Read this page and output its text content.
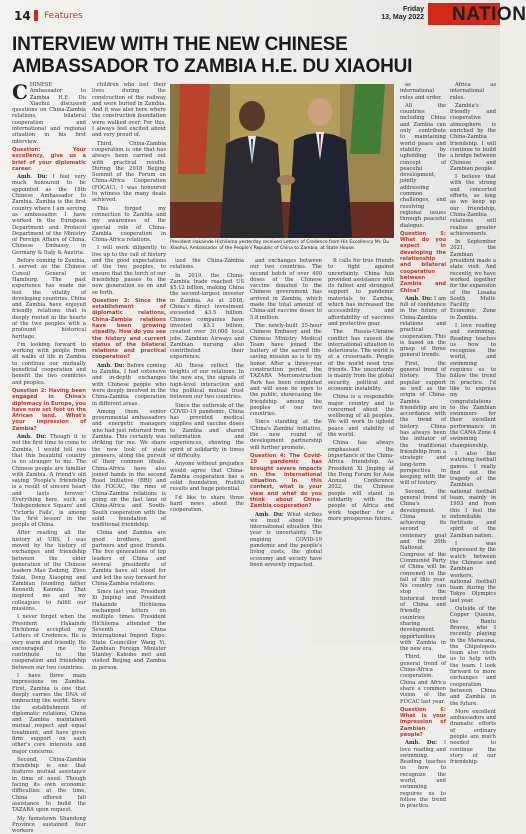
14	Features
Friday
13, May 2022 NATION
INTERVIEW WITH THE NEW CHINESE
AMBASSADOR TO ZAMBIA H.E. DU XIAOHUI

CHINESE Ambassador to Zambia H.E. Du Xiaohui discussed questions on China-Zambia relations, bilateral cooperation and international and regional situation in his first interview.

Question: Your excellency, give us a brief of your diplomatic career.

Amb. Du: I feel very much honoured to be appointed as the 18th Chinese Ambassador to Zambia. Zambia is the first country where I am serving as ambassador. I have worked in the European Department and Protocol Department of the Ministry of Foreign Affairs of China. Chinese Embassy in Germany & Italy & Austria.

Before coming to Zambia, I served as the Chinese Consul General in Hamburg. The past experience has made me feel the vitality of developing countries. China and Zambia have enjoyed friendly relations that is deeply rooted in the hearts of the two peoples with a profound historical heritage.

I'm looking forward to working with people from all walks of life in Zambia to continue our mutually beneficial cooperation and benefit the two countries and peoples.

Question 2: Having been engaged in China's diplomacy in Europe, you have now set foot on the African land. What's your impression of Zambia?

Amb. Du: Though it is not the first time to come to Zambia, I would tell you that this beautiful country is no stranger to me. The Chinese people are familiar with Zambia. A friend's old saying 'People's friendship is a result of sincere heart and lasts forever.' Everything here, such as 'Independence Square' and 'Victoria Falls', is among the 'first lesson' in the people of China.

After reading all the history at UBS, I was moved by the history of exchanges and friendship between the older generation of the Chinese leaders Mao Zedong, Zhou Enlai, Deng Xiaoping and Zambian founding father Kenneth Kaunda. That inspired me and my colleagues to fulfill our missions.

I never forget when the President Hakainde Hichilema accepted my Letters of Credence. He is very warm and friendly. He encouraged me to contribute to the cooperation and friendship between our two countries.

I have three main impressions on Zambia. First, Zambia is one that deeply carries the DNA of embracing the world. Since the establishment of diplomatic relations, China and Zambia maintained mutual respect and equal treatment, and have given firm support on each other's core interests and major concerns.

Second, China-Zambia friendship is one that features mutual assistance in time of need. Though facing its own economic difficulties at the time, China offered full assistance to build the TAZARA upon request.

My hometown Shandong Province sustained four workers

children who lost their lives during the construction of the railway and were buried in Zambia. And it was also here where the construction foundation were walked over. For this, I always feel excited about and very proud of.

Third, China-Zambia cooperation is one that has always been carried out with practical results. During the 2018 Beijing Summit of the Forum on China-Africa Cooperation (FOCAC), I was honoured to witness the many deals achieved.

This forged my connection to Zambia and my awareness of the special role of China-Zambia cooperation in China-Africa relations.

I will work diligently to live up to the call of history and the good expectations of the two peoples, to ensure that the torch of our friendship passes to the new generation so on and so forth.

Question 3: Since the establishment of diplomatic relations, China-Zambia relations have been growing steadily. How do you see the history and current status of the bilateral relations and practical cooperation?

Amb. Du: Before coming to Zambia, I had extensive and in-depth exchanges with Chinese people who were deeply involved in the China-Zambia cooperation in different areas.

Among them, senior governmental ambassadors and energetic managers who had just returned from Zambia. This certainly was striking for me. We share the new look of state pioneers, along the pursuit of their common ideals. China-Africa have also joined hands in the second Road Initiative (BRI) and the FOCAC, the rims of China-Zambia relations is going on the fast lane of China-Africa and South-South cooperation with the solid foundation of traditional friendship.

China and Zambia are good brothers, good partners and good friends. The five generations of top leaders of China and several presidents of Zambia have all stood for and led the way forward for China-Zambia relations.

Since last year, President Xi Jinping and President Hakainde Hichilema exchanged letters on multiple times. President Hichilema attended the Seventh China International Import Expo. State Councillor Wang Yi, Zambian Foreign Minister Stanley Kakubo met and visited Beijing and Zambia in person.

President Hakainde Hichilema yesterday received Letters of Credence from His Excellency Mr. Du Xiaohui, Ambassador of the People's Republic of China to Zambia, at State House.

ized the China-Zambia relations.

In 2019, the China-Zambia trade reached US $5.12 billion, making China the second-largest investor in Zambia. As at 2018, China's direct investment exceeded $3.5 billion. Chinese companies have invested $3.1 billion, created over 30,000 local jobs. Zambian Airways and Zambian nursing also contributed their experience.

All these reflect the heights of our relations. In the new era, the signals of high-level interaction and the political mutual trust between our two countries.

Since the outbreak of the COVID-19 pandemic, China has provided medical supplies and vaccine doses to Zambia and shared information and experiences, showing the spirit of solidarity in times of difficulty.

Anyone without prejudice would agree that China-Zambia cooperation has a solid foundation, fruitful results and huge potential.

I'd like to share three hard news about the cooperation.

and exchanges between our two countries. The second batch of over 400 doses of the Chinese vaccine donated to the Chinese government has arrived in Zambia, which made the total amount of China-aid vaccine doses to 5.8 million.

The newly-built 25-hour Chinese Embassy and the Chinese Ministry Medical Team have joined the battery of the sacred life-saving mission as is to my honor. After a three-year construction period, the TAZARA Merconstruction Park has been completed and will soon be open to the public, showcasing the friendship among the peoples of our two countries.

Since standing at the 'China's Zambia' initiative, the new round of development partnership will further promote.

Question 4: The Covid-19 pandemic has brought severe impacts on the international situation. In this context, what is your view and what do you think about China-Zambia cooperation?

Amb. Du: What strikes we most about the international situation this year is uncertainty. The ongoing COVID-19 pandemic and the people's living costs, the global economy and society have been severely impacted.

It calls for true friends to fight against uncertainty. China has provided assistance with its fullest and strongest support to pandemic materials to Zambia, which has increased the accessibility and affordability of vaccines and protective gear.

The Russia-Ukraine conflict has caused the international situation to deteriorate. The world is at a crossroads. People of the world need true friends. The uncertainty is mainly from the global security, political and economic instability.

China is a responsible major country and is concerned about the wellbeing of all peoples. We will work to uphold peace and stability of the world.

China has always emphasised the importance of the China-Africa friendship. As President Xi Jinping at the Dong Forum for Asia Annual Conference 2022, the Chinese people will stand in solidarity with the people of Africa and work together for a more prosperous future.

as international rules and order.

All the countries including China and Zambia can only contribute to maintaining world peace and stability by upholding the concept of peaceful development, jointly addressing common challenges, and resolving regional issues through peaceful dialogue.

Question 5: What do you expect in developing the relationship and bilateral cooperation between Zambia and China?

Amb. Du: I am full of confidence in the future of China-Zambia relations and practical cooperation. This is based on the grasp of three general trends.

First, the general trend of history. The popular support as well as the origin of China-Zambia friendship are in accordance with the trend of history. China has always been the initiator of the traditional friendship from a strategic and long-term perspective in keeping with the will of history.

Second, the general trend of China's development. China is achieving its second centenary goal and the 20th National Congress of the Communist Party of China will be convened in the fall of this year. No country can stop the historical trend of China and friendly countries sharing development opportunities with Zambia in the new era.

Third, the general trend of China-Africa cooperation. China and Africa share a common vision of the FOCAC last year.

Question 6: What is your impression of Zambian people?

Amb. Du: I love reading and swimming. Reading teaches us how to recognize the world, and swimming requires us to follow the trend in practice.

Africa as international rules.

Zambia's friendly and cooperative atmosphere is enriched by the China-Zambia friendship. I will continue to build a bridge between Chinese and Zambian people.

I believe that with the strong and concerted efforts, as long as we keep up our friendship, China-Zambia relations will realise greater achievements.

In September 2021, the Zambian president made a state visit. And recently, we have worked together for the expansion of the Lusaka South Multi-Facility Economic Zone in Zambia.

I love reading and swimming. Reading teaches us how to recognise the world, and swimming requires us to follow the trend in practice. I'd like to express my congratulations to the Zambian swimmers for their excellent performance in the CANA Zone 4 swimming championship.

I also like watching football games. I really find out the tragedy of the Zambian national football team, mainly in 1993 and from this I feel the indomitable fortitude and spirit of the Zambian nation.

I was impressed by the watch between the Chinese and Zambian workers, national football team during the Tokyo Olympics last year.

Outside of the Copper Queens, the Bantu Braves, who I recently playing in the Maracana, the Chipolopolo team also visits us to help with the team. I look forward to more exchanges and cooperation between China and Zambia in the future.

More excellent ambassadors and dramatic efforts of ordinary people are much needed to continue the story of our friendship.
